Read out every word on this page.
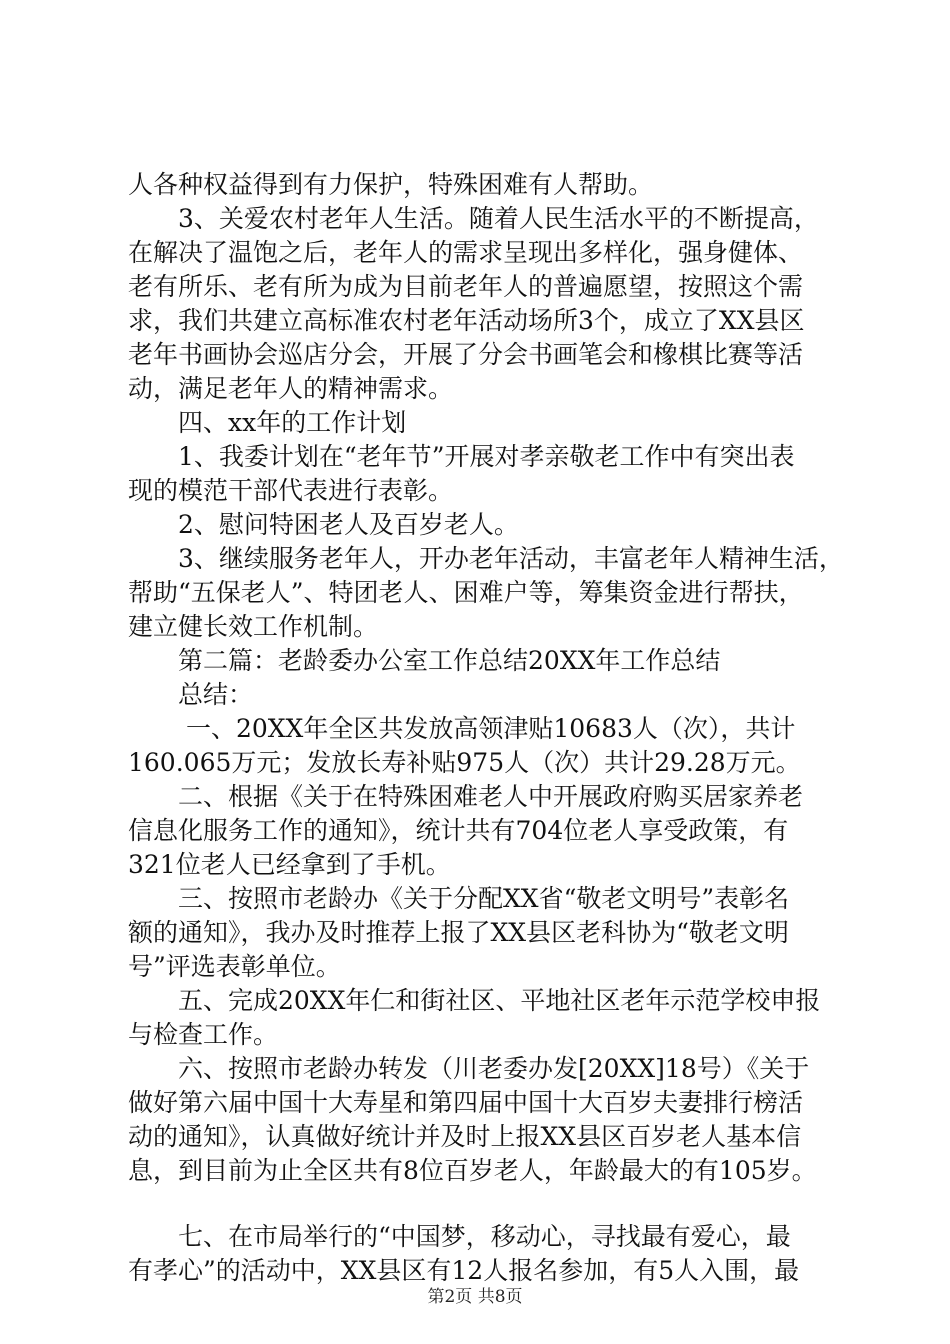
人各种权益得到有力保护，特殊困难有人帮助。
　　3、关爱农村老年人生活。随着人民生活水平的不断提高，
在解决了温饱之后，老年人的需求呈现出多样化，强身健体、
老有所乐、老有所为成为目前老年人的普遍愿望，按照这个需
求，我们共建立高标准农村老年活动场所3个，成立了XX县区
老年书画协会巡店分会，开展了分会书画笔会和橡棋比赛等活
动，满足老年人的精神需求。
　　四、xx年的工作计划
　　1、我委计划在“老年节”开展对孝亲敬老工作中有突出表
现的模范干部代表进行表彰。
　　2、慰问特困老人及百岁老人。
　　3、继续服务老年人，开办老年活动，丰富老年人精神生活，
帮助“五保老人”、特团老人、困难户等，筹集资金进行帮扶，
建立健长效工作机制。
　　第二篇：老龄委办公室工作总结20XX年工作总结
　　总结：
　　 一、20XX年全区共发放高领津贴10683人（次），共计
160.065万元；发放长寿补贴975人（次）共计29.28万元。
　　二、根据《关于在特殊困难老人中开展政府购买居家养老
信息化服务工作的通知》，统计共有704位老人享受政策，有
321位老人已经拿到了手机。
　　三、按照市老龄办《关于分配XX省“敬老文明号”表彰名
额的通知》，我办及时推荐上报了XX县区老科协为“敬老文明
号”评选表彰单位。
　　五、完成20XX年仁和街社区、平地社区老年示范学校申报
与检查工作。
　　六、按照市老龄办转发（川老委办发[20XX]18号）《关于
做好第六届中国十大寿星和第四届中国十大百岁夫妻排行榜活
动的通知》，认真做好统计并及时上报XX县区百岁老人基本信
息，到目前为止全区共有8位百岁老人，年龄最大的有105岁。
　　七、在市局举行的“中国梦，移动心，寻找最有爱心，最
有孝心”的活动中，XX县区有12人报名参加，有5人入围，最
第2页 共8页
